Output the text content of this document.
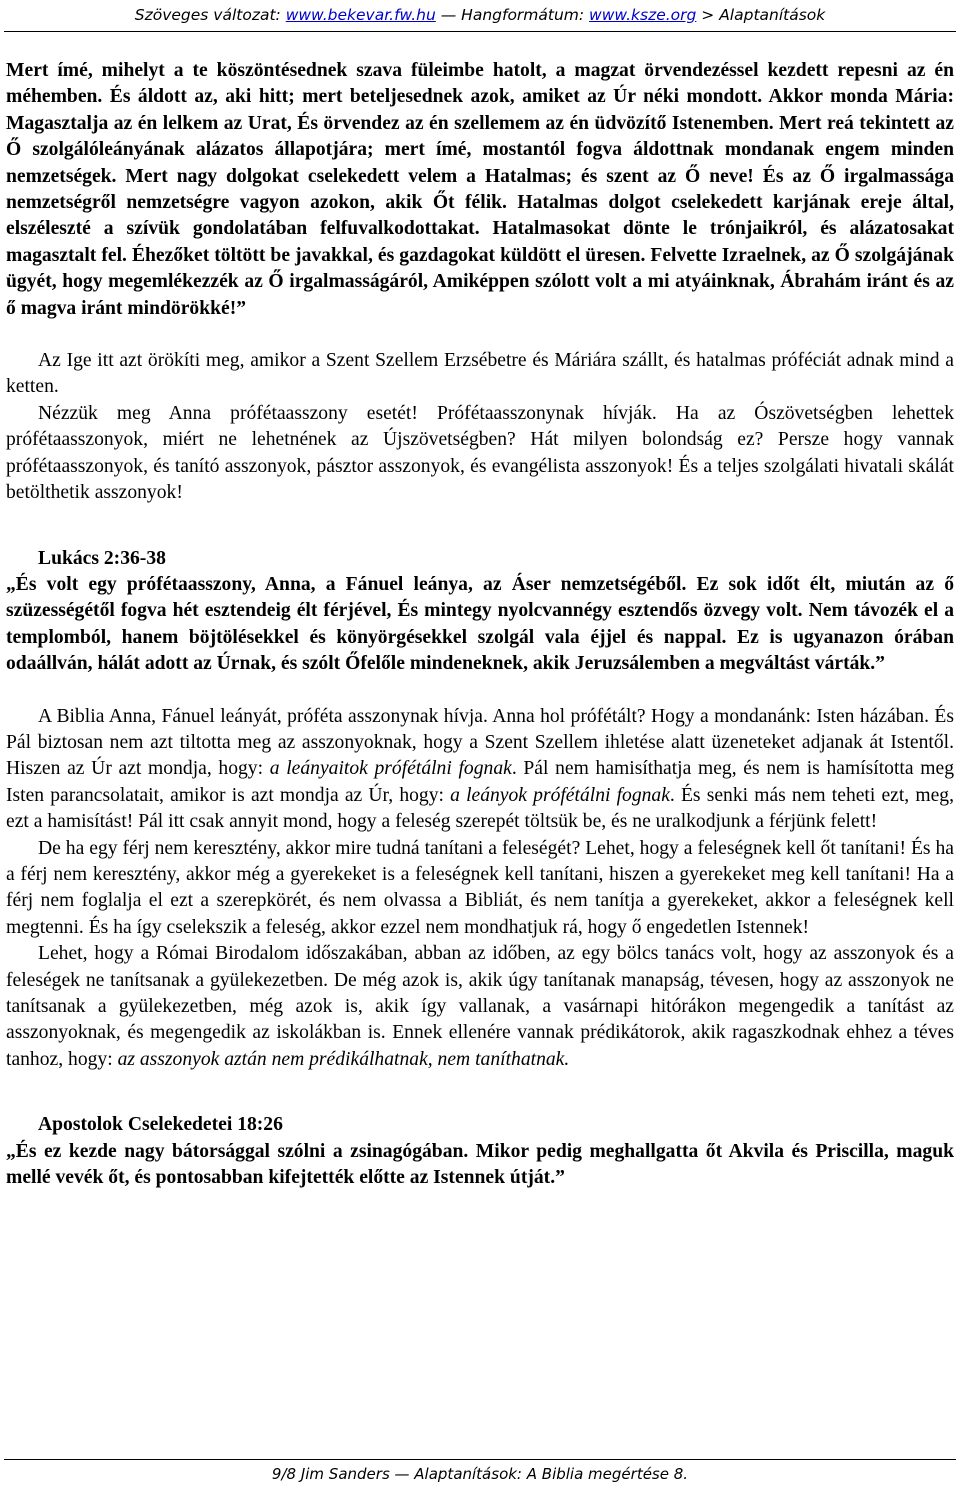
Szöveges változat: www.bekevar.fw.hu — Hangformátum: www.ksze.org > Alaptanítások

Mert ímé, mihelyt a te köszöntésednek szava füleimbe hatolt, a magzat örvendezéssel kezdett repesni az én méhemben. És áldott az, aki hitt; mert beteljesednek azok, amiket az Úr néki mondott. Akkor monda Mária: Magasztalja az én lelkem az Urat, És örvendez az én szellemem az én üdvözítő Istenemben. Mert reá tekintett az Ő szolgálóleányának alázatos állapotjára; mert ímé, mostantól fogva áldottnak mondanak engem minden nemzetségek. Mert nagy dolgokat cselekedett velem a Hatalmas; és szent az Ő neve! És az Ő irgalmassága nemzetségről nemzetségre vagyon azokon, akik Őt félik. Hatalmas dolgot cselekedett karjának ereje által, elszéleszté a szívük gondolatában felfuvalkodottakat. Hatalmasokat dönte le trónjaikról, és alázatosakat magasztalt fel. Éhezőket töltött be javakkal, és gazdagokat küldött el üresen. Felvette Izraelnek, az Ő szolgájának ügyét, hogy megemlékezzék az Ő irgalmasságáról, Amiképpen szólott volt a mi atyáinknak, Ábrahám iránt és az ő magva iránt mindörökké!”

Az Ige itt azt örökíti meg, amikor a Szent Szellem Erzsébetre és Máriára szállt, és hatalmas próféciát adnak mind a ketten.

Nézzük meg Anna prófétaasszony esetét! Prófétaasszonynak hívják. Ha az Ószövetségben lehettek prófétaasszonyok, miért ne lehetnének az Újszövetségben? Hát milyen bolondság ez? Persze hogy vannak prófétaasszonyok, és tanító asszonyok, pásztor asszonyok, és evangélista asszonyok! És a teljes szolgálati hivatali skálát betölthetik asszonyok!

Lukács 2:36-38

„És volt egy prófétaasszony, Anna, a Fánuel leánya, az Áser nemzetségéből. Ez sok időt élt, miután az ő szüzességétől fogva hét esztendeig élt férjével, És mintegy nyolcvannégy esztendős özvegy volt. Nem távozék el a templomból, hanem böjtölésekkel és könyörgésekkel szolgál vala éjjel és nappal. Ez is ugyanazon órában odaállván, hálát adott az Úrnak, és szólt Őfelőle mindeneknek, akik Jeruzsálemben a megváltást várták.”

A Biblia Anna, Fánuel leányát, próféta asszonynak hívja. Anna hol prófétált? Hogy a mondanánk: Isten házában. És Pál biztosan nem azt tiltotta meg az asszonyoknak, hogy a Szent Szellem ihletése alatt üzeneteket adjanak át Istentől. Hiszen az Úr azt mondja, hogy: a leányaitok prófétálni fognak. Pál nem hamisíthatja meg, és nem is hamísította meg Isten parancsolatait, amikor is azt mondja az Úr, hogy: a leányok prófétálni fognak. És senki más nem teheti ezt, meg, ezt a hamisítást! Pál itt csak annyit mond, hogy a feleség szerepét töltsük be, és ne uralkodjunk a férjünk felett!

De ha egy férj nem keresztény, akkor mire tudná tanítani a feleségét? Lehet, hogy a feleségnek kell őt tanítani! És ha a férj nem keresztény, akkor még a gyerekeket is a feleségnek kell tanítani, hiszen a gyerekeket meg kell tanítani! Ha a férj nem foglalja el ezt a szerepkörét, és nem olvassa a Bibliát, és nem tanítja a gyerekeket, akkor a feleségnek kell megtenni. És ha így cselekszik a feleség, akkor ezzel nem mondhatjuk rá, hogy ő engedetlen Istennek!

Lehet, hogy a Római Birodalom időszakában, abban az időben, az egy bölcs tanács volt, hogy az asszonyok és a feleségek ne tanítsanak a gyülekezetben. De még azok is, akik úgy tanítanak manapság, tévesen, hogy az asszonyok ne tanítsanak a gyülekezetben, még azok is, akik így vallanak, a vasárnapi hitórákon megengedik a tanítást az asszonyoknak, és megengedik az iskolákban is. Ennek ellenére vannak prédikátorok, akik ragaszkodnak ehhez a téves tanhoz, hogy: az asszonyok aztán nem prédikálhatnak, nem taníthatnak.

Apostolok Cselekedetei 18:26

„És ez kezde nagy bátorsággal szólni a zsinagógában. Mikor pedig meghallgatta őt Akvila és Priscilla, maguk mellé vevék őt, és pontosabban kifejtették előtte az Istennek útját.”

9/8 Jim Sanders — Alaptanítások: A Biblia megértése 8.
